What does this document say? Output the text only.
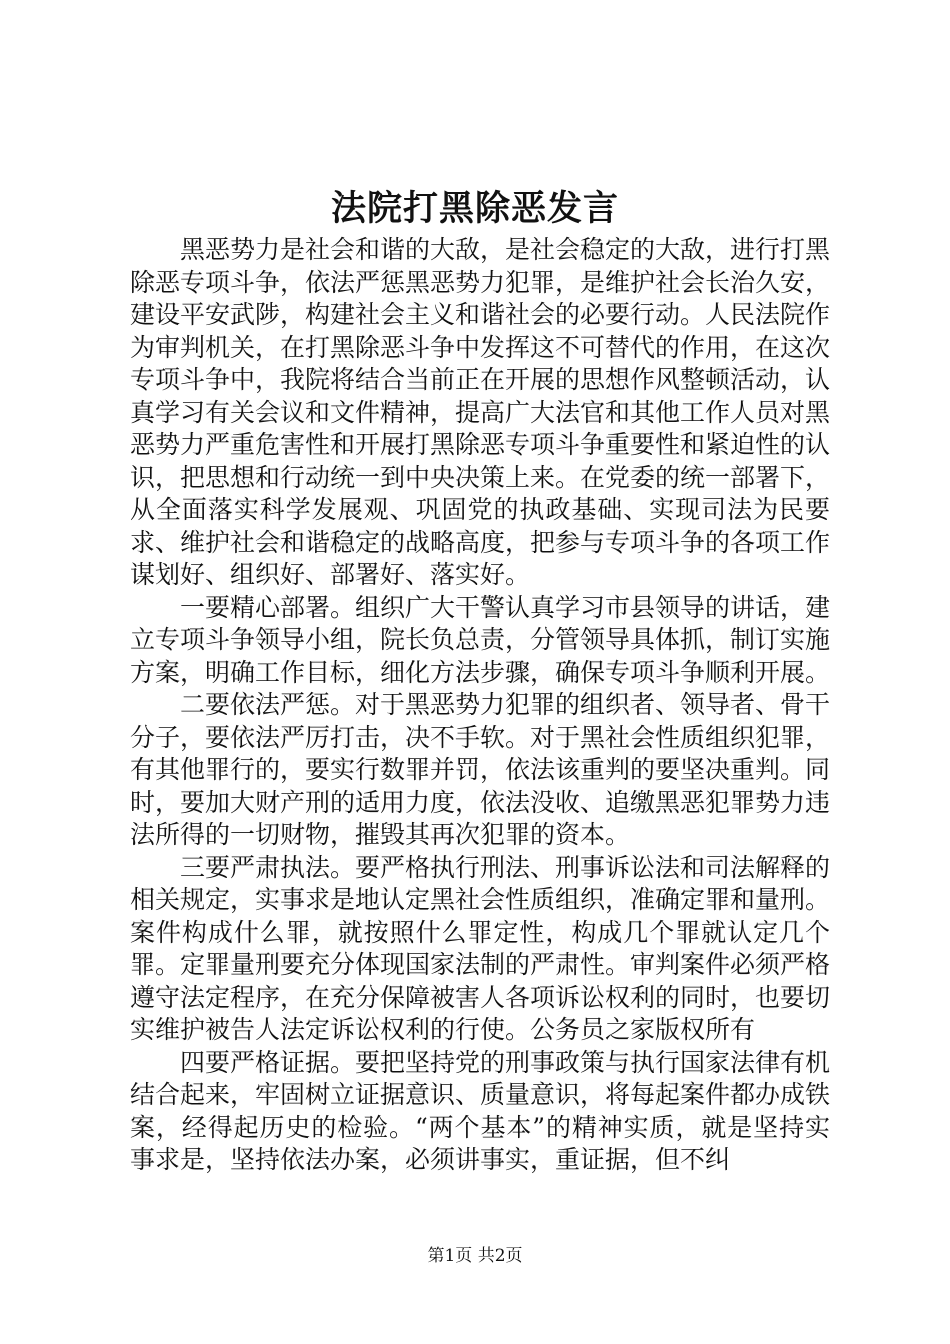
法院打黑除恶发言

黑恶势力是社会和谐的大敌，是社会稳定的大敌，进行打黑除恶专项斗争，依法严惩黑恶势力犯罪，是维护社会长治久安，建设平安武陟，构建社会主义和谐社会的必要行动。人民法院作为审判机关，在打黑除恶斗争中发挥这不可替代的作用，在这次专项斗争中，我院将结合当前正在开展的思想作风整顿活动，认真学习有关会议和文件精神，提高广大法官和其他工作人员对黑恶势力严重危害性和开展打黑除恶专项斗争重要性和紧迫性的认识，把思想和行动统一到中央决策上来。在党委的统一部署下，从全面落实科学发展观、巩固党的执政基础、实现司法为民要求、维护社会和谐稳定的战略高度，把参与专项斗争的各项工作谋划好、组织好、部署好、落实好。

一要精心部署。组织广大干警认真学习市县领导的讲话，建立专项斗争领导小组，院长负总责，分管领导具体抓，制订实施方案，明确工作目标，细化方法步骤，确保专项斗争顺利开展。

二要依法严惩。对于黑恶势力犯罪的组织者、领导者、骨干分子，要依法严厉打击，决不手软。对于黑社会性质组织犯罪，有其他罪行的，要实行数罪并罚，依法该重判的要坚决重判。同时，要加大财产刑的适用力度，依法没收、追缴黑恶犯罪势力违法所得的一切财物，摧毁其再次犯罪的资本。

三要严肃执法。要严格执行刑法、刑事诉讼法和司法解释的相关规定，实事求是地认定黑社会性质组织，准确定罪和量刑。案件构成什么罪，就按照什么罪定性，构成几个罪就认定几个罪。定罪量刑要充分体现国家法制的严肃性。审判案件必须严格遵守法定程序，在充分保障被害人各项诉讼权利的同时，也要切实维护被告人法定诉讼权利的行使。公务员之家版权所有

四要严格证据。要把坚持党的刑事政策与执行国家法律有机结合起来，牢固树立证据意识、质量意识，将每起案件都办成铁案，经得起历史的检验。“两个基本”的精神实质，就是坚持实事求是，坚持依法办案，必须讲事实，重证据，但不纠

第1页 共2页
